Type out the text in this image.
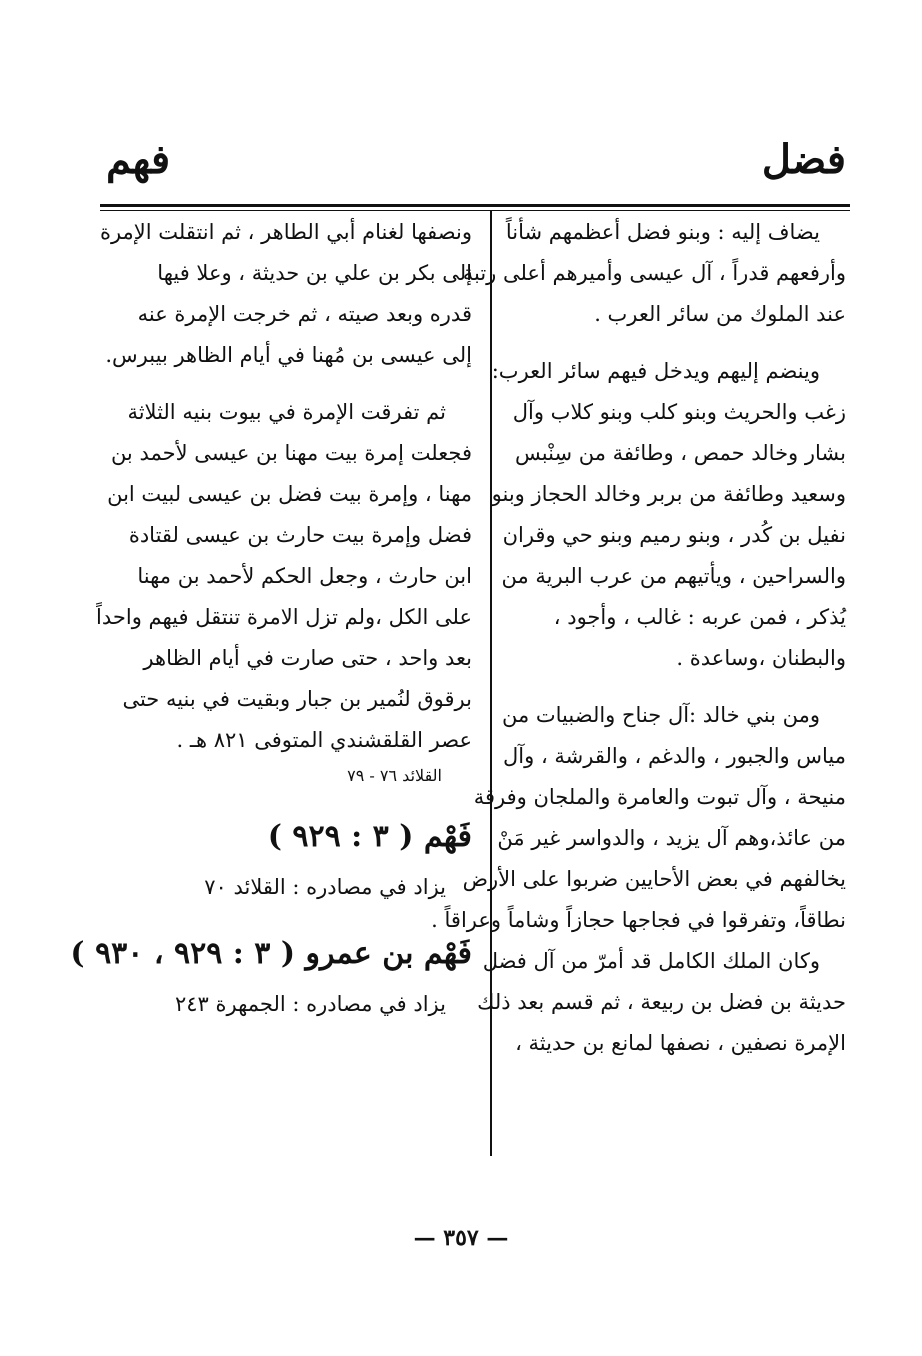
فضل
فهم
يضاف إليه : وبنو فضل أعظمهم شأناً
وأرفعهم قدراً ، آل عيسى وأميرهم أعلى رتبة
عند الملوك من سائر العرب .
وينضم إليهم ويدخل فيهم سائر العرب:
زغب والحريث وبنو كلب وبنو كلاب وآل
بشار وخالد حمص ، وطائفة من سِنْبس
وسعيد وطائفة من بربر وخالد الحجاز وبنو
نفيل بن كُدر ، وبنو رميم وبنو حي وقران
والسراحين ، ويأتيهم من عرب البرية من
يُذكر ، فمن عربه : غالب ، وأجود ،
والبطنان ،وساعدة .
ومن بني خالد :آل جناح والضبيات من
مياس والجبور ، والدغم ، والقرشة ، وآل
منيحة ، وآل تبوت والعامرة والملجان وفرقة
من عائذ،وهم آل يزيد ، والدواسر غير مَنْ
يخالفهم في بعض الأحايين ضربوا على الأرض
نطاقاً، وتفرقوا في فجاجها حجازاً وشاماً وعراقاً .
وكان الملك الكامل قد أمرّ من آل فضل
حديثة بن فضل بن ربيعة ، ثم قسم بعد ذلك
الإمرة نصفين ، نصفها لمانع بن حديثة ،
ونصفها لغنام أبي الطاهر ، ثم انتقلت الإمرة
إلى بكر بن علي بن حديثة ، وعلا فيها
قدره وبعد صيته ، ثم خرجت الإمرة عنه
إلى عيسى بن مُهنا في أيام الظاهر بيبرس.
ثم تفرقت الإمرة في بيوت بنيه الثلاثة
فجعلت إمرة بيت مهنا بن عيسى لأحمد بن
مهنا ، وإمرة بيت فضل بن عيسى لبيت ابن
فضل وإمرة بيت حارث بن عيسى لقتادة
ابن حارث ، وجعل الحكم لأحمد بن مهنا
على الكل ،ولم تزل الامرة تنتقل فيهم واحداً
بعد واحد ، حتى صارت في أيام الظاهر
برقوق لنُمير بن جبار وبقيت في بنيه حتى
عصر القلقشندي المتوفى ٨٢١ هـ .
القلائد ٧٦ - ٧٩
فَهْم ( ٣ : ٩٢٩ )
يزاد في مصادره : القلائد ٧٠
فَهْم بن عمرو ( ٣ : ٩٢٩ ، ٩٣٠ )
يزاد في مصادره : الجمهرة ٢٤٣
— ٣٥٧ —
